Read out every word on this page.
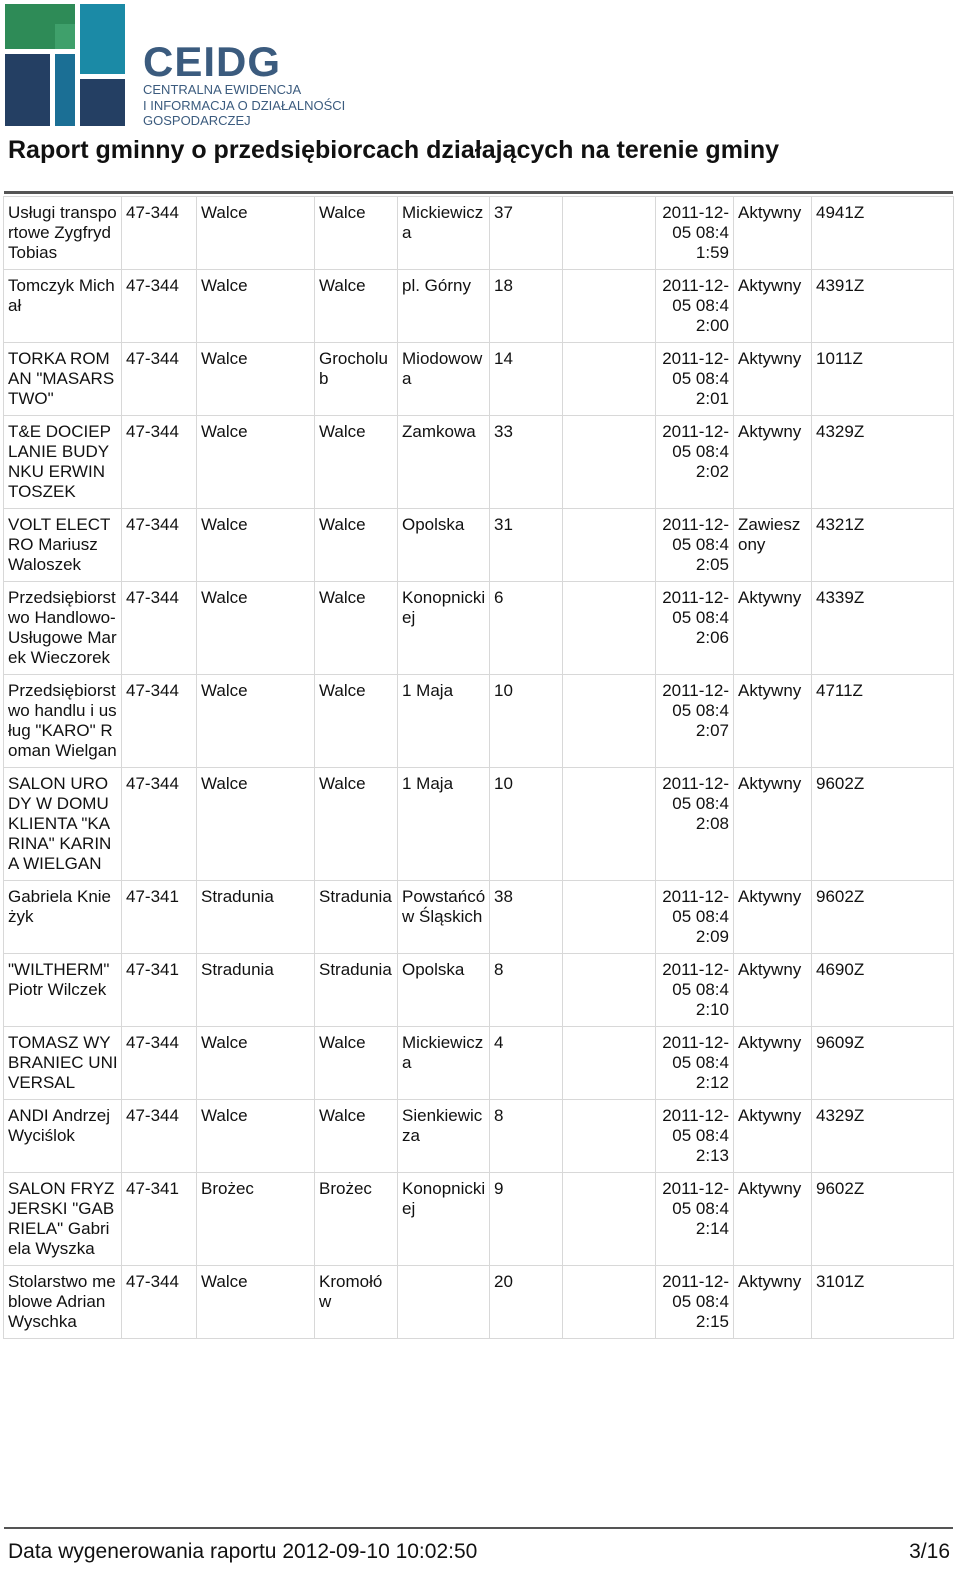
CEIDG
CENTRALNA EWIDENCJA
I INFORMACJA O DZIAŁALNOŚCI
GOSPODARCZEJ
Raport gminny o przedsiębiorcach działających na terenie gminy
Usługi transportowe Zygfryd Tobias	47-344	Walce	Walce	Mickiewicza	37		2011-12-05 08:41:59	Aktywny	4941Z
Tomczyk Michał	47-344	Walce	Walce	pl. Górny	18		2011-12-05 08:42:00	Aktywny	4391Z
TORKA ROMAN "MASARSTWO"	47-344	Walce	Grocholub	Miodowowa	14		2011-12-05 08:42:01	Aktywny	1011Z
T&E DOCIEPLANIE BUDYNKU ERWIN TOSZEK	47-344	Walce	Walce	Zamkowa	33		2011-12-05 08:42:02	Aktywny	4329Z
VOLT ELECTRO Mariusz Waloszek	47-344	Walce	Walce	Opolska	31		2011-12-05 08:42:05	Zawieszony	4321Z
Przedsiębiorstwo Handlowo-Usługowe Marek Wieczorek	47-344	Walce	Walce	Konopnickiej	6		2011-12-05 08:42:06	Aktywny	4339Z
Przedsiębiorstwo handlu i usług "KARO" Roman Wielgan	47-344	Walce	Walce	1 Maja	10		2011-12-05 08:42:07	Aktywny	4711Z
SALON URODY W DOMU KLIENTA "KARINA" KARINA WIELGAN	47-344	Walce	Walce	1 Maja	10		2011-12-05 08:42:08	Aktywny	9602Z
Gabriela Knieżyk	47-341	Stradunia	Stradunia	Powstańców Śląskich	38		2011-12-05 08:42:09	Aktywny	9602Z
"WILTHERM" Piotr Wilczek	47-341	Stradunia	Stradunia	Opolska	8		2011-12-05 08:42:10	Aktywny	4690Z
TOMASZ WYBRANIEC UNIVERSAL	47-344	Walce	Walce	Mickiewicza	4		2011-12-05 08:42:12	Aktywny	9609Z
ANDI Andrzej Wyciślok	47-344	Walce	Walce	Sienkiewicza	8		2011-12-05 08:42:13	Aktywny	4329Z
SALON FRYZJERSKI "GABRIELA" Gabriela Wyszka	47-341	Brożec	Brożec	Konopnickiej	9		2011-12-05 08:42:14	Aktywny	9602Z
Stolarstwo meblowe Adrian Wyschka	47-344	Walce	Kromołów		20		2011-12-05 08:42:15	Aktywny	3101Z
Data wygenerowania raportu 2012-09-10 10:02:50	3/16
